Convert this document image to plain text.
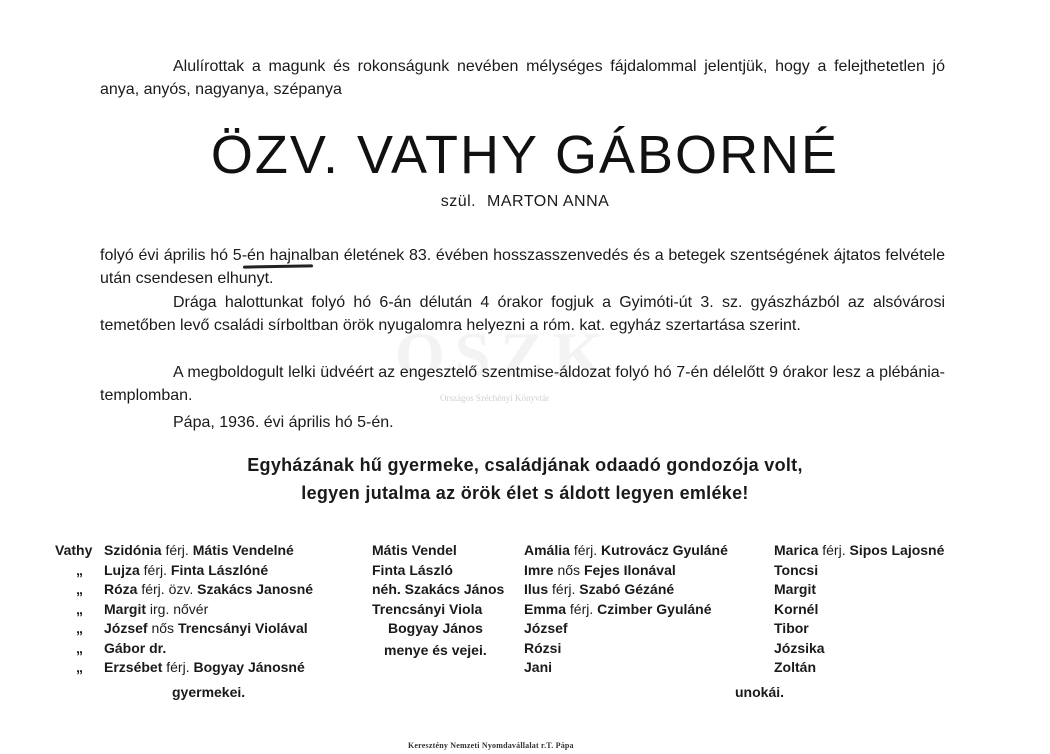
OSZK
Országos Széchényi Könyvtár
Alulírottak a magunk és rokonságunk nevében mélységes fájdalommal jelentjük, hogy a felejthetetlen jó anya, anyós, nagyanya, szépanya
ÖZV. VATHY GÁBORNÉ
szül. MARTON ANNA
folyó évi április hó 5-én hajnalban életének 83. évében hosszasszenvedés és a betegek szentségének ájtatos felvétele után csendesen elhunyt.
Drága halottunkat folyó hó 6-án délután 4 órakor fogjuk a Gyimóti-út 3. sz. gyászházból az alsóvárosi temetőben levő családi sírboltban örök nyugalomra helyezni a róm. kat. egyház szertartása szerint.
A megboldogult lelki üdvéért az engesztelő szentmise-áldozat folyó hó 7-én délelőtt 9 órakor lesz a plébánia-templomban.
Pápa, 1936. évi április hó 5-én.
Egyházának hű gyermeke, családjának odaadó gondozója volt,
legyen jutalma az örök élet s áldott legyen emléke!
Vathy Szidónia férj. Mátis Vendelné
„ Lujza férj. Finta Lászlóné
„ Róza férj. özv. Szakács Janosné
„ Margit irg. nővér
„ József nős Trencsányi Violával
„ Gábor dr.
„ Erzsébet férj. Bogyay Jánosné
Mátis Vendel
Finta László
néh. Szakács János
Trencsányi Viola
Bogyay János
menye és vejei.
Amália férj. Kutrovácz Gyuláné
Imre nős Fejes Ilonával
Ilus férj. Szabó Gézáné
Emma férj. Czimber Gyuláné
József
Rózsi
Jani
Marica férj. Sipos Lajosné
Toncsi
Margit
Kornél
Tibor
Józsika
Zoltán
gyermekei.	unokái.
Keresztény Nemzeti Nyomdavállalat r.T. Pápa
